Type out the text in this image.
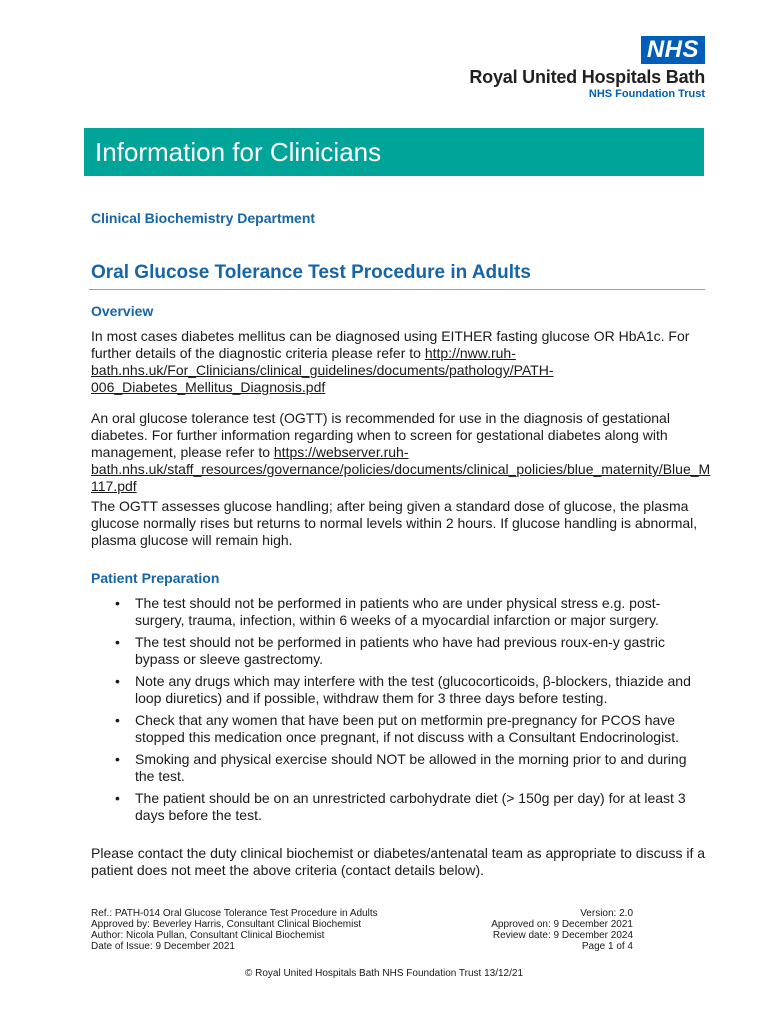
NHS
Royal United Hospitals Bath
NHS Foundation Trust
Information for Clinicians
Clinical Biochemistry Department
Oral Glucose Tolerance Test Procedure in Adults
Overview
In most cases diabetes mellitus can be diagnosed using EITHER fasting glucose OR HbA1c. For further details of the diagnostic criteria please refer to http://nww.ruh-
bath.nhs.uk/For_Clinicians/clinical_guidelines/documents/pathology/PATH-
006_Diabetes_Mellitus_Diagnosis.pdf
An oral glucose tolerance test (OGTT) is recommended for use in the diagnosis of gestational diabetes. For further information regarding when to screen for gestational diabetes along with management, please refer to https://webserver.ruh-
bath.nhs.uk/staff_resources/governance/policies/documents/clinical_policies/blue_maternity/Blue_M
117.pdf
The OGTT assesses glucose handling; after being given a standard dose of glucose, the plasma glucose normally rises but returns to normal levels within 2 hours. If glucose handling is abnormal, plasma glucose will remain high.
Patient Preparation
• The test should not be performed in patients who are under physical stress e.g. post-surgery, trauma, infection, within 6 weeks of a myocardial infarction or major surgery.
• The test should not be performed in patients who have had previous roux-en-y gastric bypass or sleeve gastrectomy.
• Note any drugs which may interfere with the test (glucocorticoids, β-blockers, thiazide and loop diuretics) and if possible, withdraw them for 3 three days before testing.
• Check that any women that have been put on metformin pre-pregnancy for PCOS have stopped this medication once pregnant, if not discuss with a Consultant Endocrinologist.
• Smoking and physical exercise should NOT be allowed in the morning prior to and during the test.
• The patient should be on an unrestricted carbohydrate diet (> 150g per day) for at least 3 days before the test.
Please contact the duty clinical biochemist or diabetes/antenatal team as appropriate to discuss if a patient does not meet the above criteria (contact details below).
Ref.: PATH-014 Oral Glucose Tolerance Test Procedure in Adults
Approved by: Beverley Harris, Consultant Clinical Biochemist
Author: Nicola Pullan, Consultant Clinical Biochemist
Date of Issue: 9 December 2021
Version: 2.0
Approved on: 9 December 2021
Review date: 9 December 2024
Page 1 of 4
© Royal United Hospitals Bath NHS Foundation Trust 13/12/21
